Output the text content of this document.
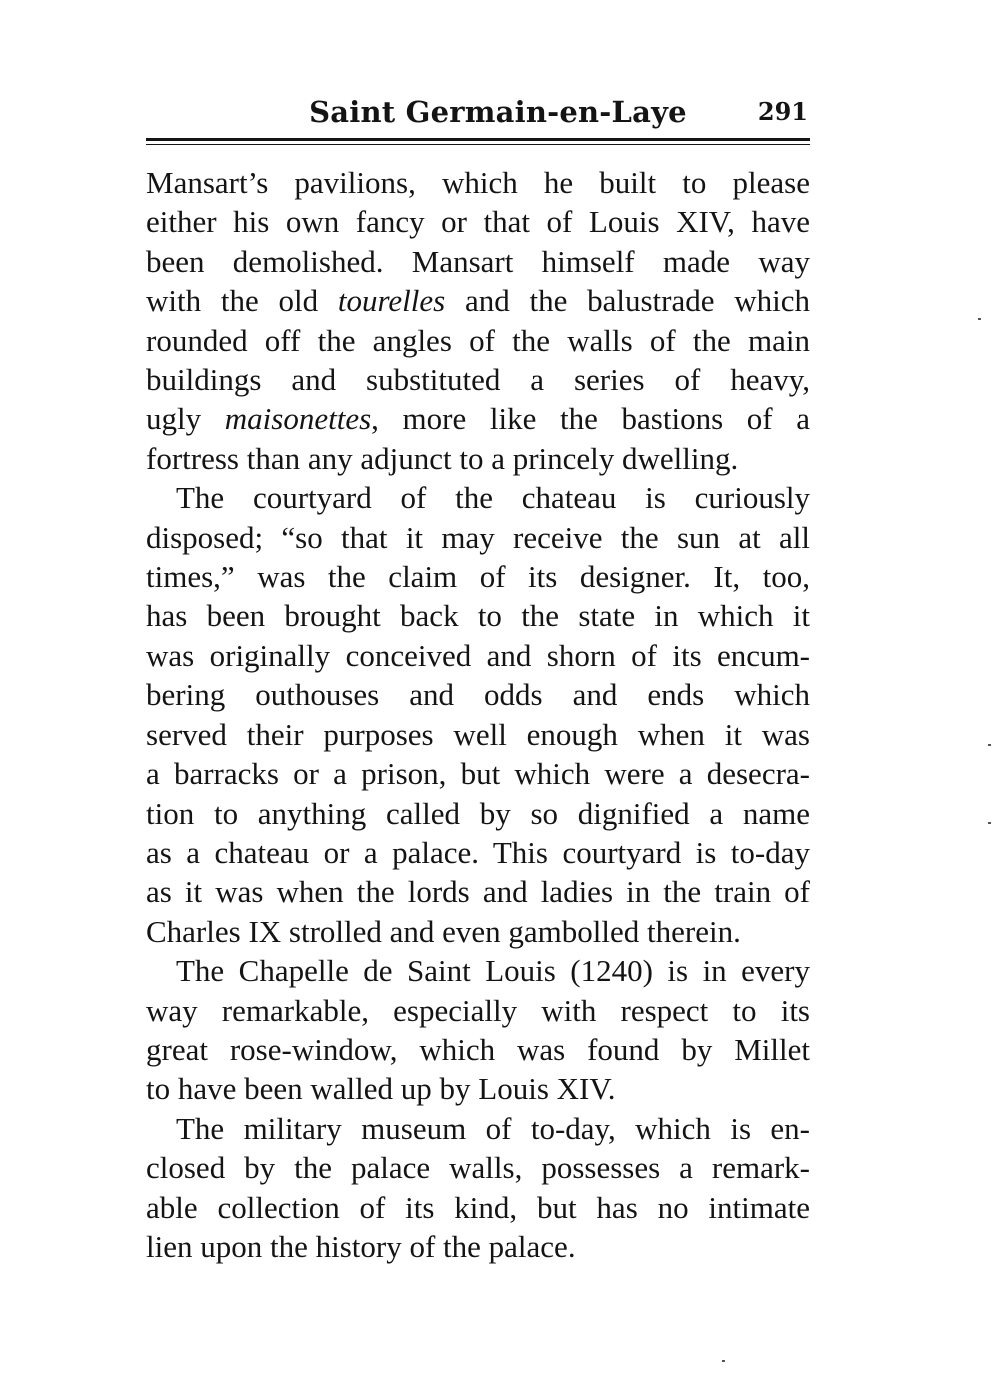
Saint Germain-en-Laye	291
Mansart’s pavilions, which he built to please
either his own fancy or that of Louis XIV, have
been demolished. Mansart himself made way
with the old tourelles and the balustrade which
rounded off the angles of the walls of the main
buildings and substituted a series of heavy,
ugly maisonettes, more like the bastions of a
fortress than any adjunct to a princely dwelling.
The courtyard of the chateau is curiously
disposed; “so that it may receive the sun at all
times,” was the claim of its designer. It, too,
has been brought back to the state in which it
was originally conceived and shorn of its encum-
bering outhouses and odds and ends which
served their purposes well enough when it was
a barracks or a prison, but which were a desecra-
tion to anything called by so dignified a name
as a chateau or a palace. This courtyard is to-day
as it was when the lords and ladies in the train of
Charles IX strolled and even gambolled therein.
The Chapelle de Saint Louis (1240) is in every
way remarkable, especially with respect to its
great rose-window, which was found by Millet
to have been walled up by Louis XIV.
The military museum of to-day, which is en-
closed by the palace walls, possesses a remark-
able collection of its kind, but has no intimate
lien upon the history of the palace.
